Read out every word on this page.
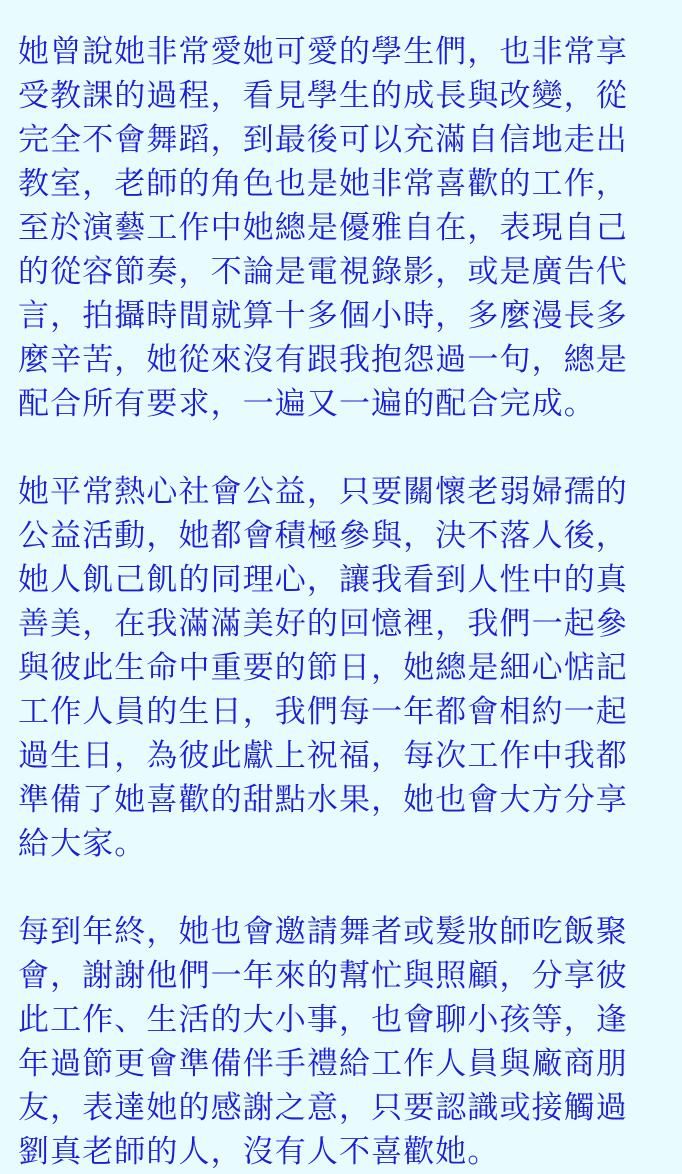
她曾說她非常愛她可愛的學生們，也非常享
受教課的過程，看見學生的成長與改變，從
完全不會舞蹈，到最後可以充滿自信地走出
教室，老師的角色也是她非常喜歡的工作，
至於演藝工作中她總是優雅自在，表現自己
的從容節奏，不論是電視錄影，或是廣告代
言，拍攝時間就算十多個小時，多麼漫長多
麼辛苦，她從來沒有跟我抱怨過一句，總是
配合所有要求，一遍又一遍的配合完成。
她平常熱心社會公益，只要關懷老弱婦孺的
公益活動，她都會積極參與，決不落人後，
她人飢己飢的同理心，讓我看到人性中的真
善美，在我滿滿美好的回憶裡，我們一起參
與彼此生命中重要的節日，她總是細心惦記
工作人員的生日，我們每一年都會相約一起
過生日，為彼此獻上祝福，每次工作中我都
準備了她喜歡的甜點水果，她也會大方分享
給大家。
每到年終，她也會邀請舞者或髮妝師吃飯聚
會，謝謝他們一年來的幫忙與照顧，分享彼
此工作、生活的大小事，也會聊小孩等，逢
年過節更會準備伴手禮給工作人員與廠商朋
友，表達她的感謝之意，只要認識或接觸過
劉真老師的人，沒有人不喜歡她。
